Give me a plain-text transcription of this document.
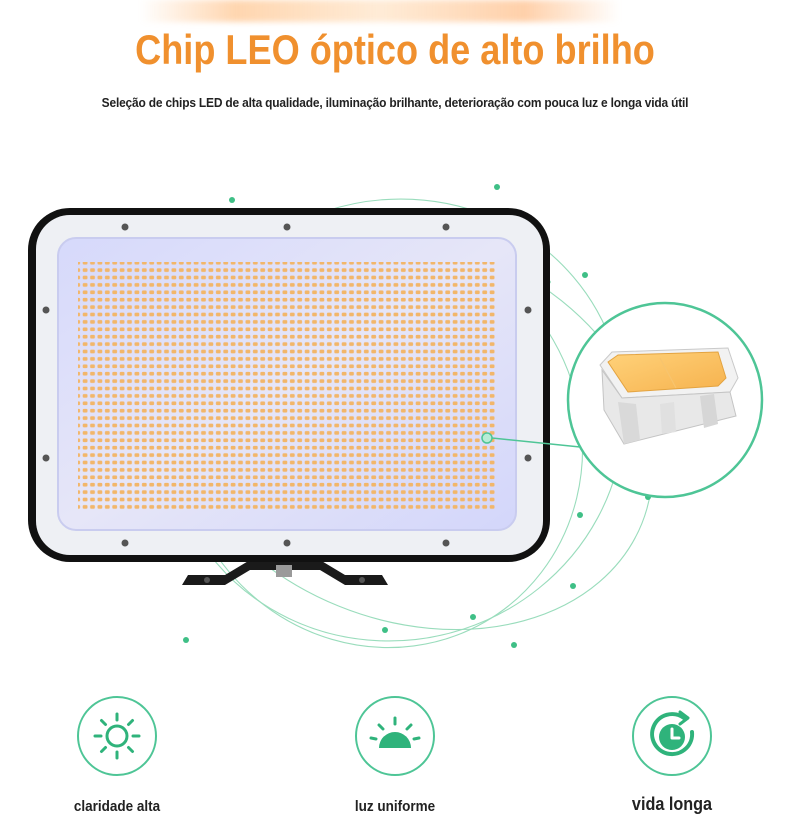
Chip LEO óptico de alto brilho
Seleção de chips LED de alta qualidade, iluminação brilhante, deterioração com pouca luz e longa vida útil
claridade alta	luz uniforme	vida longa
